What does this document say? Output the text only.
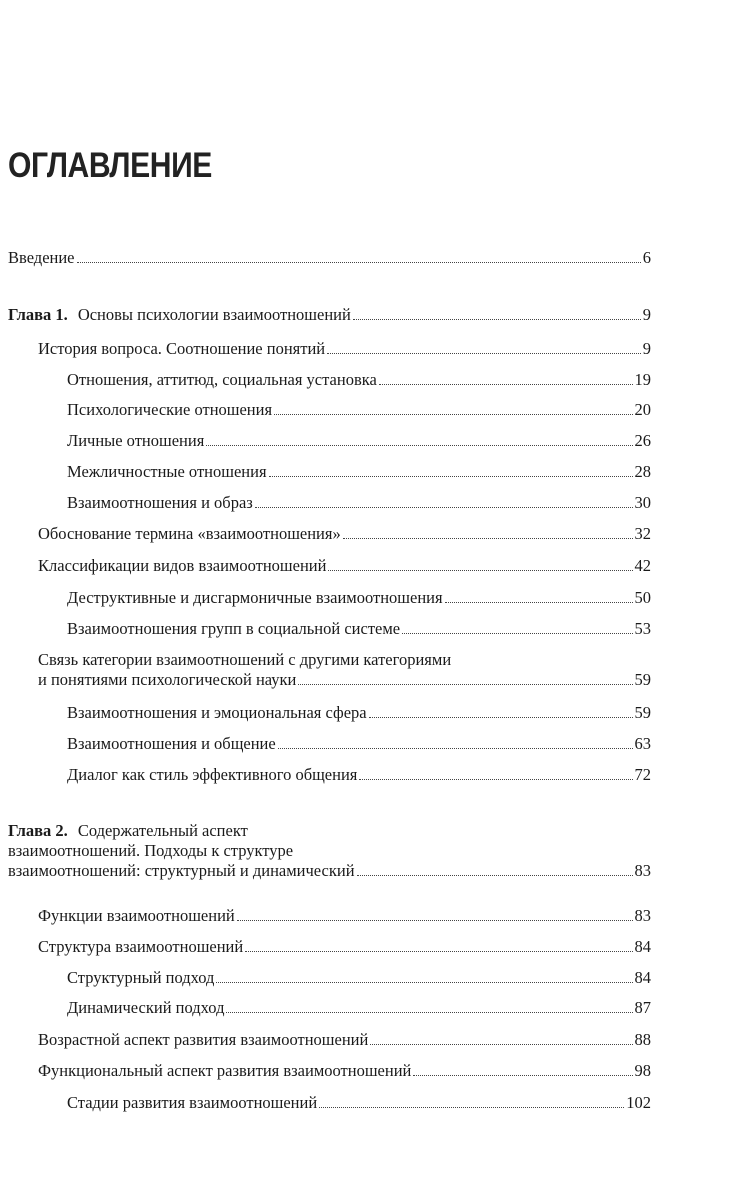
ОГЛАВЛЕНИЕ
Введение	6
Глава 1. Основы психологии взаимоотношений	9
История вопроса. Соотношение понятий	9
Отношения, аттитюд, социальная установка	19
Психологические отношения	20
Личные отношения	26
Межличностные отношения	28
Взаимоотношения и образ	30
Обоснование термина «взаимоотношения»	32
Классификации видов взаимоотношений	42
Деструктивные и дисгармоничные взаимоотношения	50
Взаимоотношения групп в социальной системе	53
Связь категории взаимоотношений с другими категориями
и понятиями психологической науки	59
Взаимоотношения и эмоциональная сфера	59
Взаимоотношения и общение	63
Диалог как стиль эффективного общения	72
Глава 2. Содержательный аспект
взаимоотношений. Подходы к структуре
взаимоотношений: структурный и динамический	83
Функции взаимоотношений	83
Структура взаимоотношений	84
Структурный подход	84
Динамический подход	87
Возрастной аспект развития взаимоотношений	88
Функциональный аспект развития взаимоотношений	98
Стадии развития взаимоотношений	102
